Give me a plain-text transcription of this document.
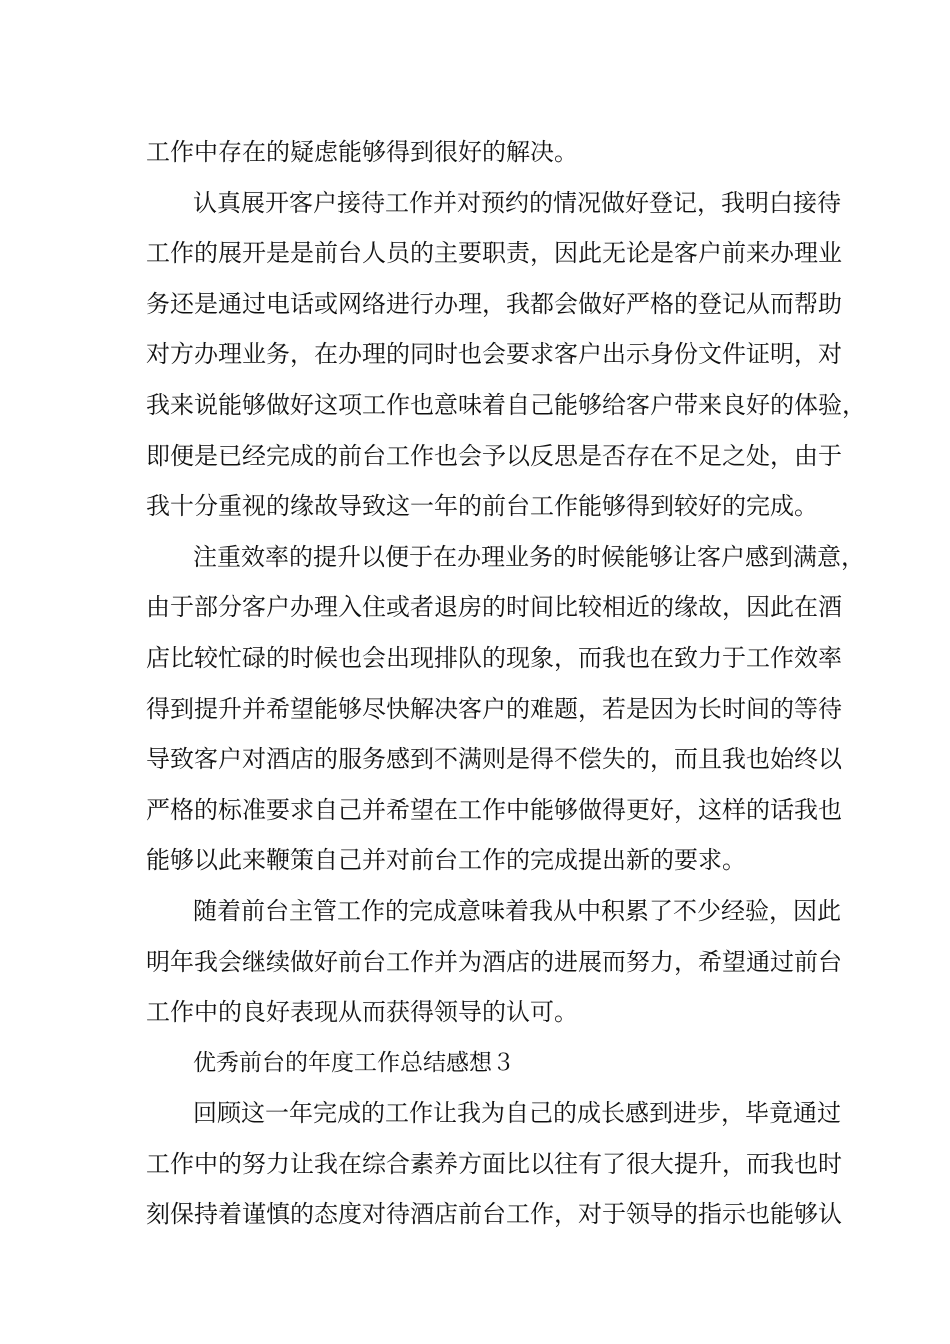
工作中存在的疑虑能够得到很好的解决。
认真展开客户接待工作并对预约的情况做好登记，我明白接待
工作的展开是是前台人员的主要职责，因此无论是客户前来办理业
务还是通过电话或网络进行办理，我都会做好严格的登记从而帮助
对方办理业务，在办理的同时也会要求客户出示身份文件证明，对
我来说能够做好这项工作也意味着自己能够给客户带来良好的体验，
即便是已经完成的前台工作也会予以反思是否存在不足之处，由于
我十分重视的缘故导致这一年的前台工作能够得到较好的完成。
注重效率的提升以便于在办理业务的时候能够让客户感到满意，
由于部分客户办理入住或者退房的时间比较相近的缘故，因此在酒
店比较忙碌的时候也会出现排队的现象，而我也在致力于工作效率
得到提升并希望能够尽快解决客户的难题，若是因为长时间的等待
导致客户对酒店的服务感到不满则是得不偿失的，而且我也始终以
严格的标准要求自己并希望在工作中能够做得更好，这样的话我也
能够以此来鞭策自己并对前台工作的完成提出新的要求。
随着前台主管工作的完成意味着我从中积累了不少经验，因此
明年我会继续做好前台工作并为酒店的进展而努力，希望通过前台
工作中的良好表现从而获得领导的认可。
优秀前台的年度工作总结感想３
回顾这一年完成的工作让我为自己的成长感到进步，毕竟通过
工作中的努力让我在综合素养方面比以往有了很大提升，而我也时
刻保持着谨慎的态度对待酒店前台工作，对于领导的指示也能够认
